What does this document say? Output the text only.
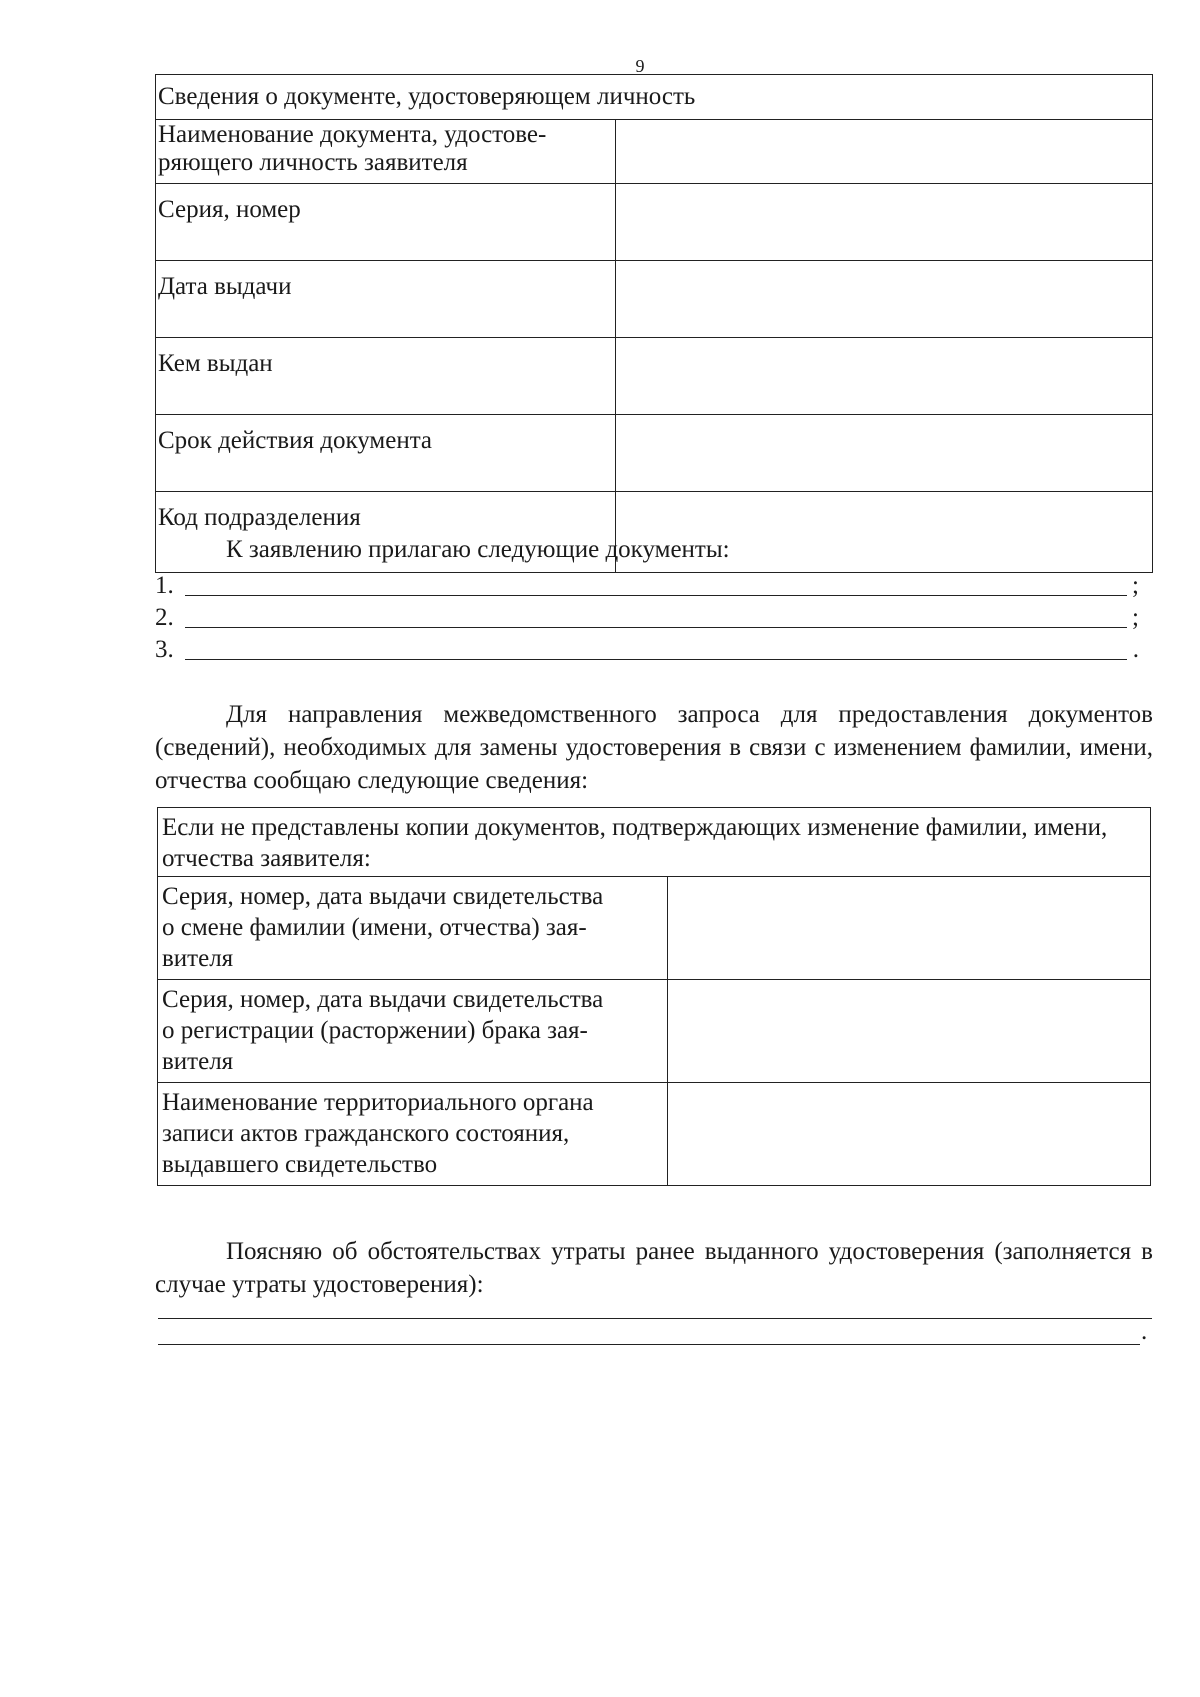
9
Сведения о документе, удостоверяющем личность	

Наименование документа, удостове-
ряющего личность заявителя	

Серия, номер	
Дата выдачи	
Кем выдан	
Срок действия документа	
Код подразделения	
К заявлению прилагаю следующие документы:
1.	;
2.	;
3.	.

Для направления межведомственного запроса для предоставления документов (сведений), необходимых для замены удостоверения в связи с изменением фамилии, имени, отчества сообщаю следующие сведения:

Если не представлены копии документов, подтверждающих изменение фамилии, имени, отчества заявителя:	

Серия, номер, дата выдачи свидетельства
о смене фамилии (имени, отчества) зая-
вителя	

Серия, номер, дата выдачи свидетельства
о регистрации (расторжении) брака зая-
вителя	

Наименование территориального органа
записи актов гражданского состояния,
выдавшего свидетельство	

Поясняю об обстоятельствах утраты ранее выданного удостоверения (заполняется в случае утраты удостоверения):

.
